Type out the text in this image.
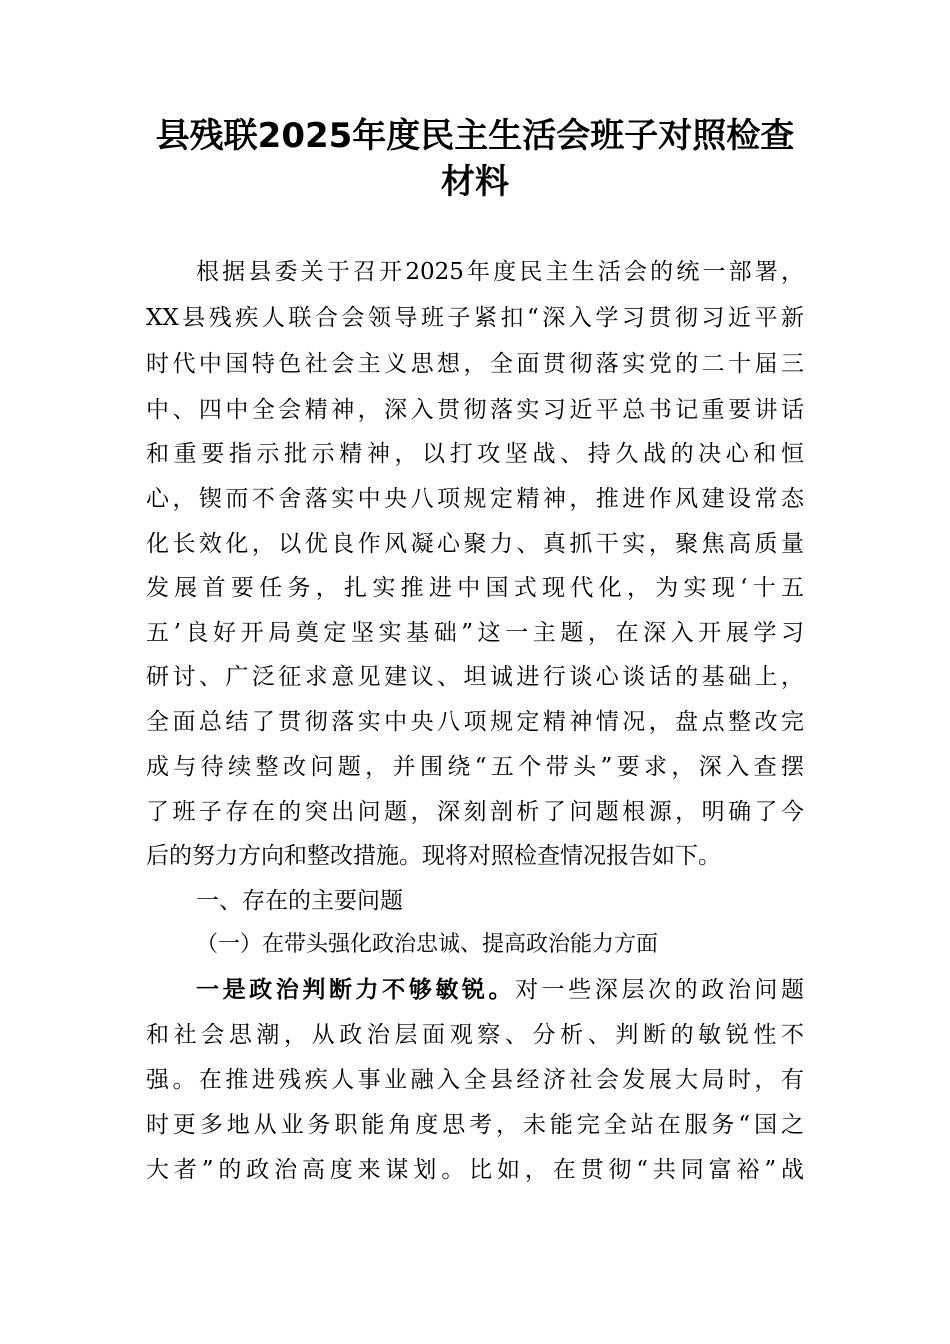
县残联2025年度民主生活会班子对照检查
材料
根据县委关于召开2025年度民主生活会的统一部署，
XX县残疾人联合会领导班子紧扣“深入学习贯彻习近平新
时代中国特色社会主义思想，全面贯彻落实党的二十届三
中、四中全会精神，深入贯彻落实习近平总书记重要讲话
和重要指示批示精神，以打攻坚战、持久战的决心和恒
心，锲而不舍落实中央八项规定精神，推进作风建设常态
化长效化，以优良作风凝心聚力、真抓干实，聚焦高质量
发展首要任务，扎实推进中国式现代化，为实现‘十五
五’良好开局奠定坚实基础”这一主题，在深入开展学习
研讨、广泛征求意见建议、坦诚进行谈心谈话的基础上，
全面总结了贯彻落实中央八项规定精神情况，盘点整改完
成与待续整改问题，并围绕“五个带头”要求，深入查摆
了班子存在的突出问题，深刻剖析了问题根源，明确了今
后的努力方向和整改措施。现将对照检查情况报告如下。
一、存在的主要问题
（一）在带头强化政治忠诚、提高政治能力方面
一是政治判断力不够敏锐。对一些深层次的政治问题
和社会思潮，从政治层面观察、分析、判断的敏锐性不
强。在推进残疾人事业融入全县经济社会发展大局时，有
时更多地从业务职能角度思考，未能完全站在服务“国之
大者”的政治高度来谋划。比如，在贯彻“共同富裕”战
